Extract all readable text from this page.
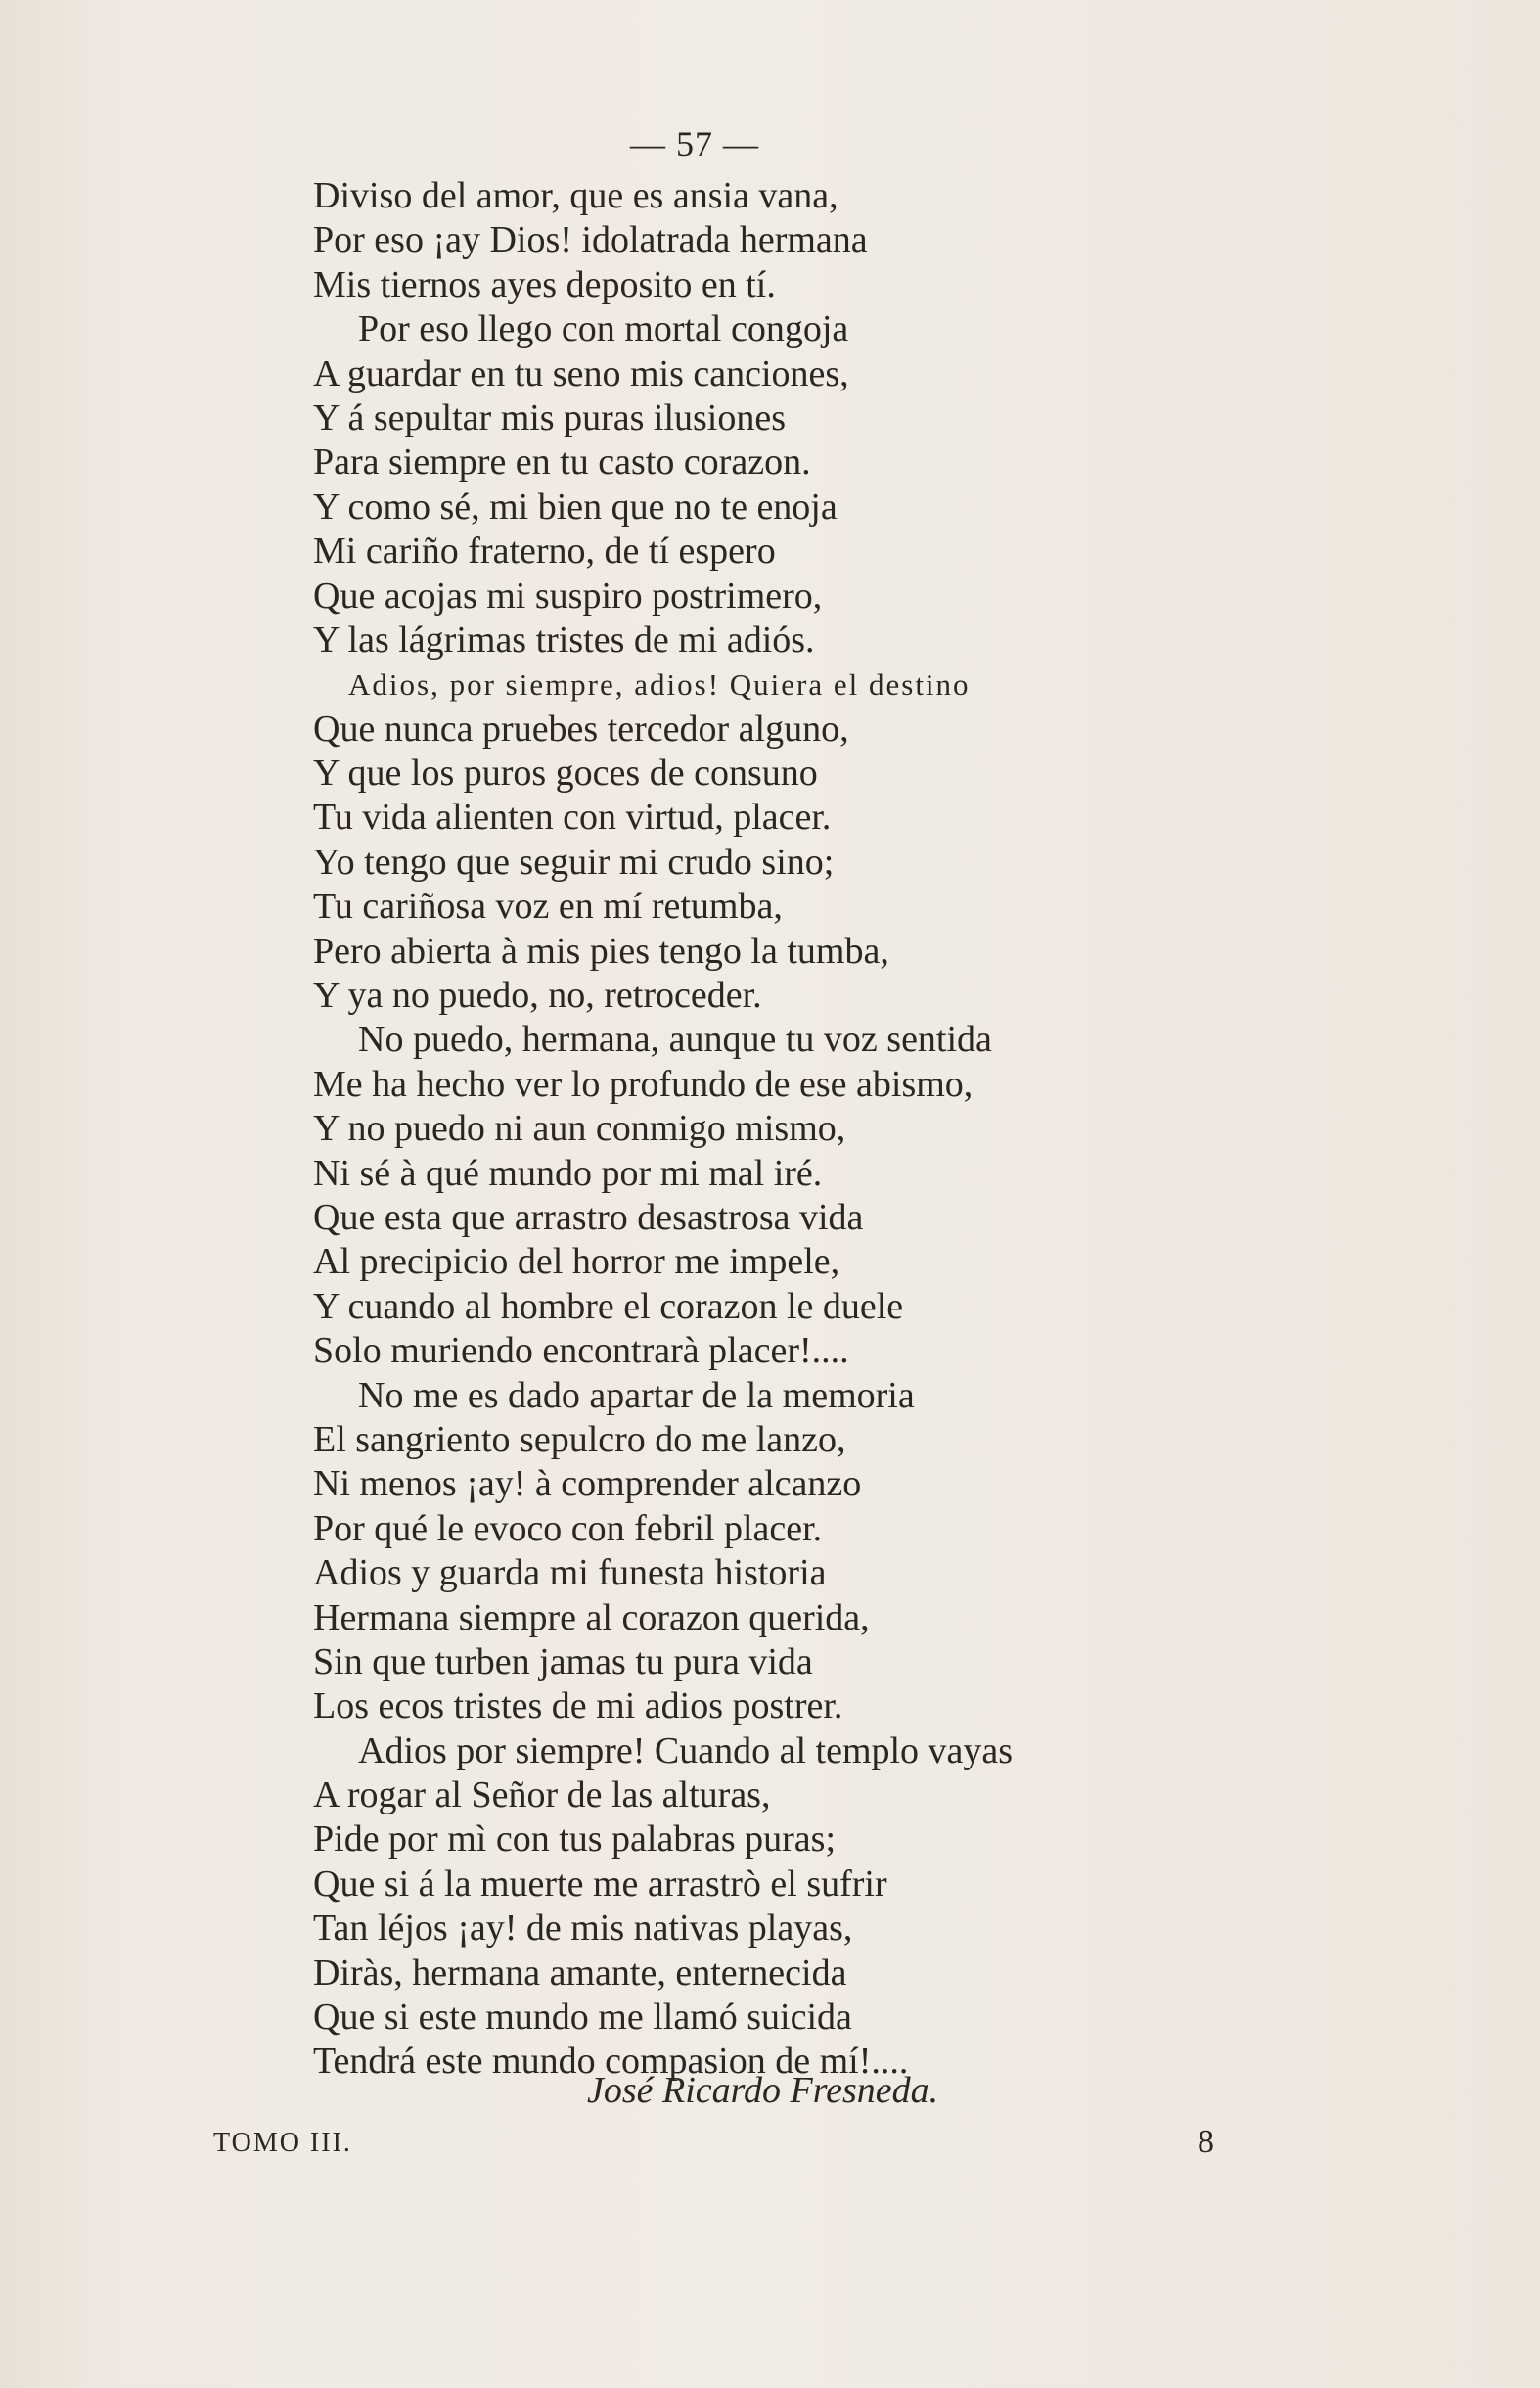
— 57 —
Diviso del amor, que es ansia vana,
Por eso ¡ay Dios! idolatrada hermana
Mis tiernos ayes deposito en tí.
Por eso llego con mortal congoja
A guardar en tu seno mis canciones,
Y á sepultar mis puras ilusiones
Para siempre en tu casto corazon.
Y como sé, mi bien que no te enoja
Mi cariño fraterno, de tí espero
Que acojas mi suspiro postrimero,
Y las lágrimas tristes de mi adiós.
Adios, por siempre, adios! Quiera el destino
Que nunca pruebes tercedor alguno,
Y que los puros goces de consuno
Tu vida alienten con virtud, placer.
Yo tengo que seguir mi crudo sino;
Tu cariñosa voz en mí retumba,
Pero abierta à mis pies tengo la tumba,
Y ya no puedo, no, retroceder.
No puedo, hermana, aunque tu voz sentida
Me ha hecho ver lo profundo de ese abismo,
Y no puedo ni aun conmigo mismo,
Ni sé à qué mundo por mi mal iré.
Que esta que arrastro desastrosa vida
Al precipicio del horror me impele,
Y cuando al hombre el corazon le duele
Solo muriendo encontrarà placer!....
No me es dado apartar de la memoria
El sangriento sepulcro do me lanzo,
Ni menos ¡ay! à comprender alcanzo
Por qué le evoco con febril placer.
Adios y guarda mi funesta historia
Hermana siempre al corazon querida,
Sin que turben jamas tu pura vida
Los ecos tristes de mi adios postrer.
Adios por siempre! Cuando al templo vayas
A rogar al Señor de las alturas,
Pide por mì con tus palabras puras;
Que si á la muerte me arrastrò el sufrir
Tan léjos ¡ay! de mis nativas playas,
Diràs, hermana amante, enternecida
Que si este mundo me llamó suicida
Tendrá este mundo compasion de mí!....
José Ricardo Fresneda.
TOMO III.	8
